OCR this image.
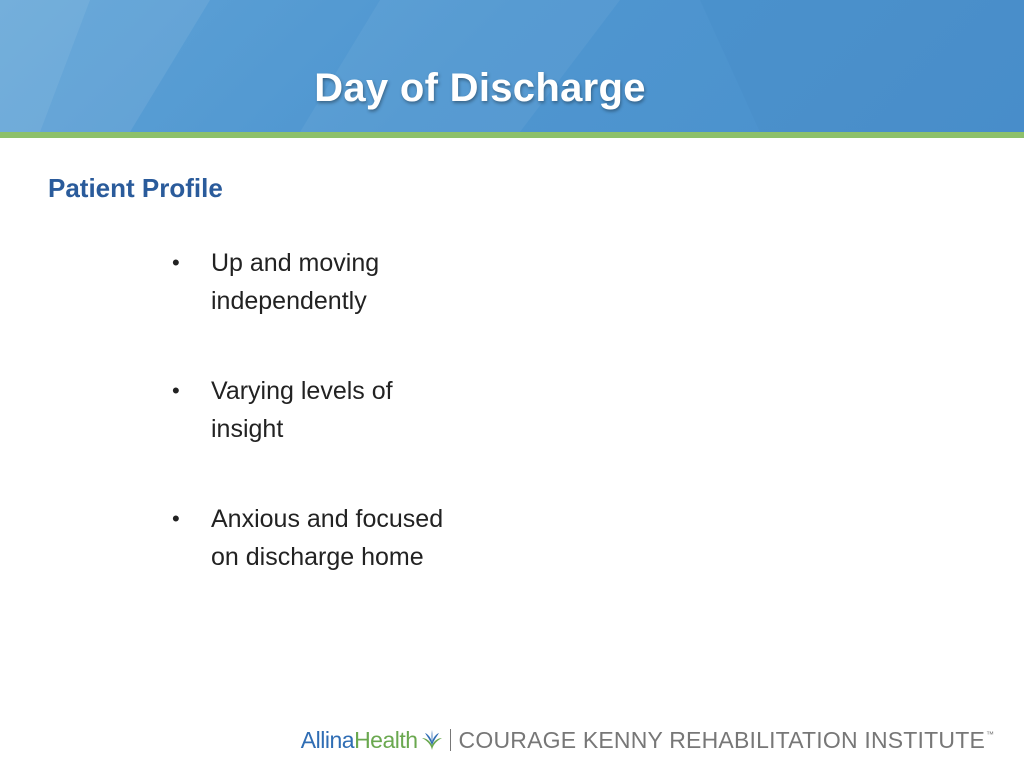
Day of Discharge
Patient Profile
•	Up and moving
independently
•	Varying levels of
insight
•	Anxious and focused
on discharge home
Allina Health COURAGE KENNY REHABILITATION INSTITUTE ™
